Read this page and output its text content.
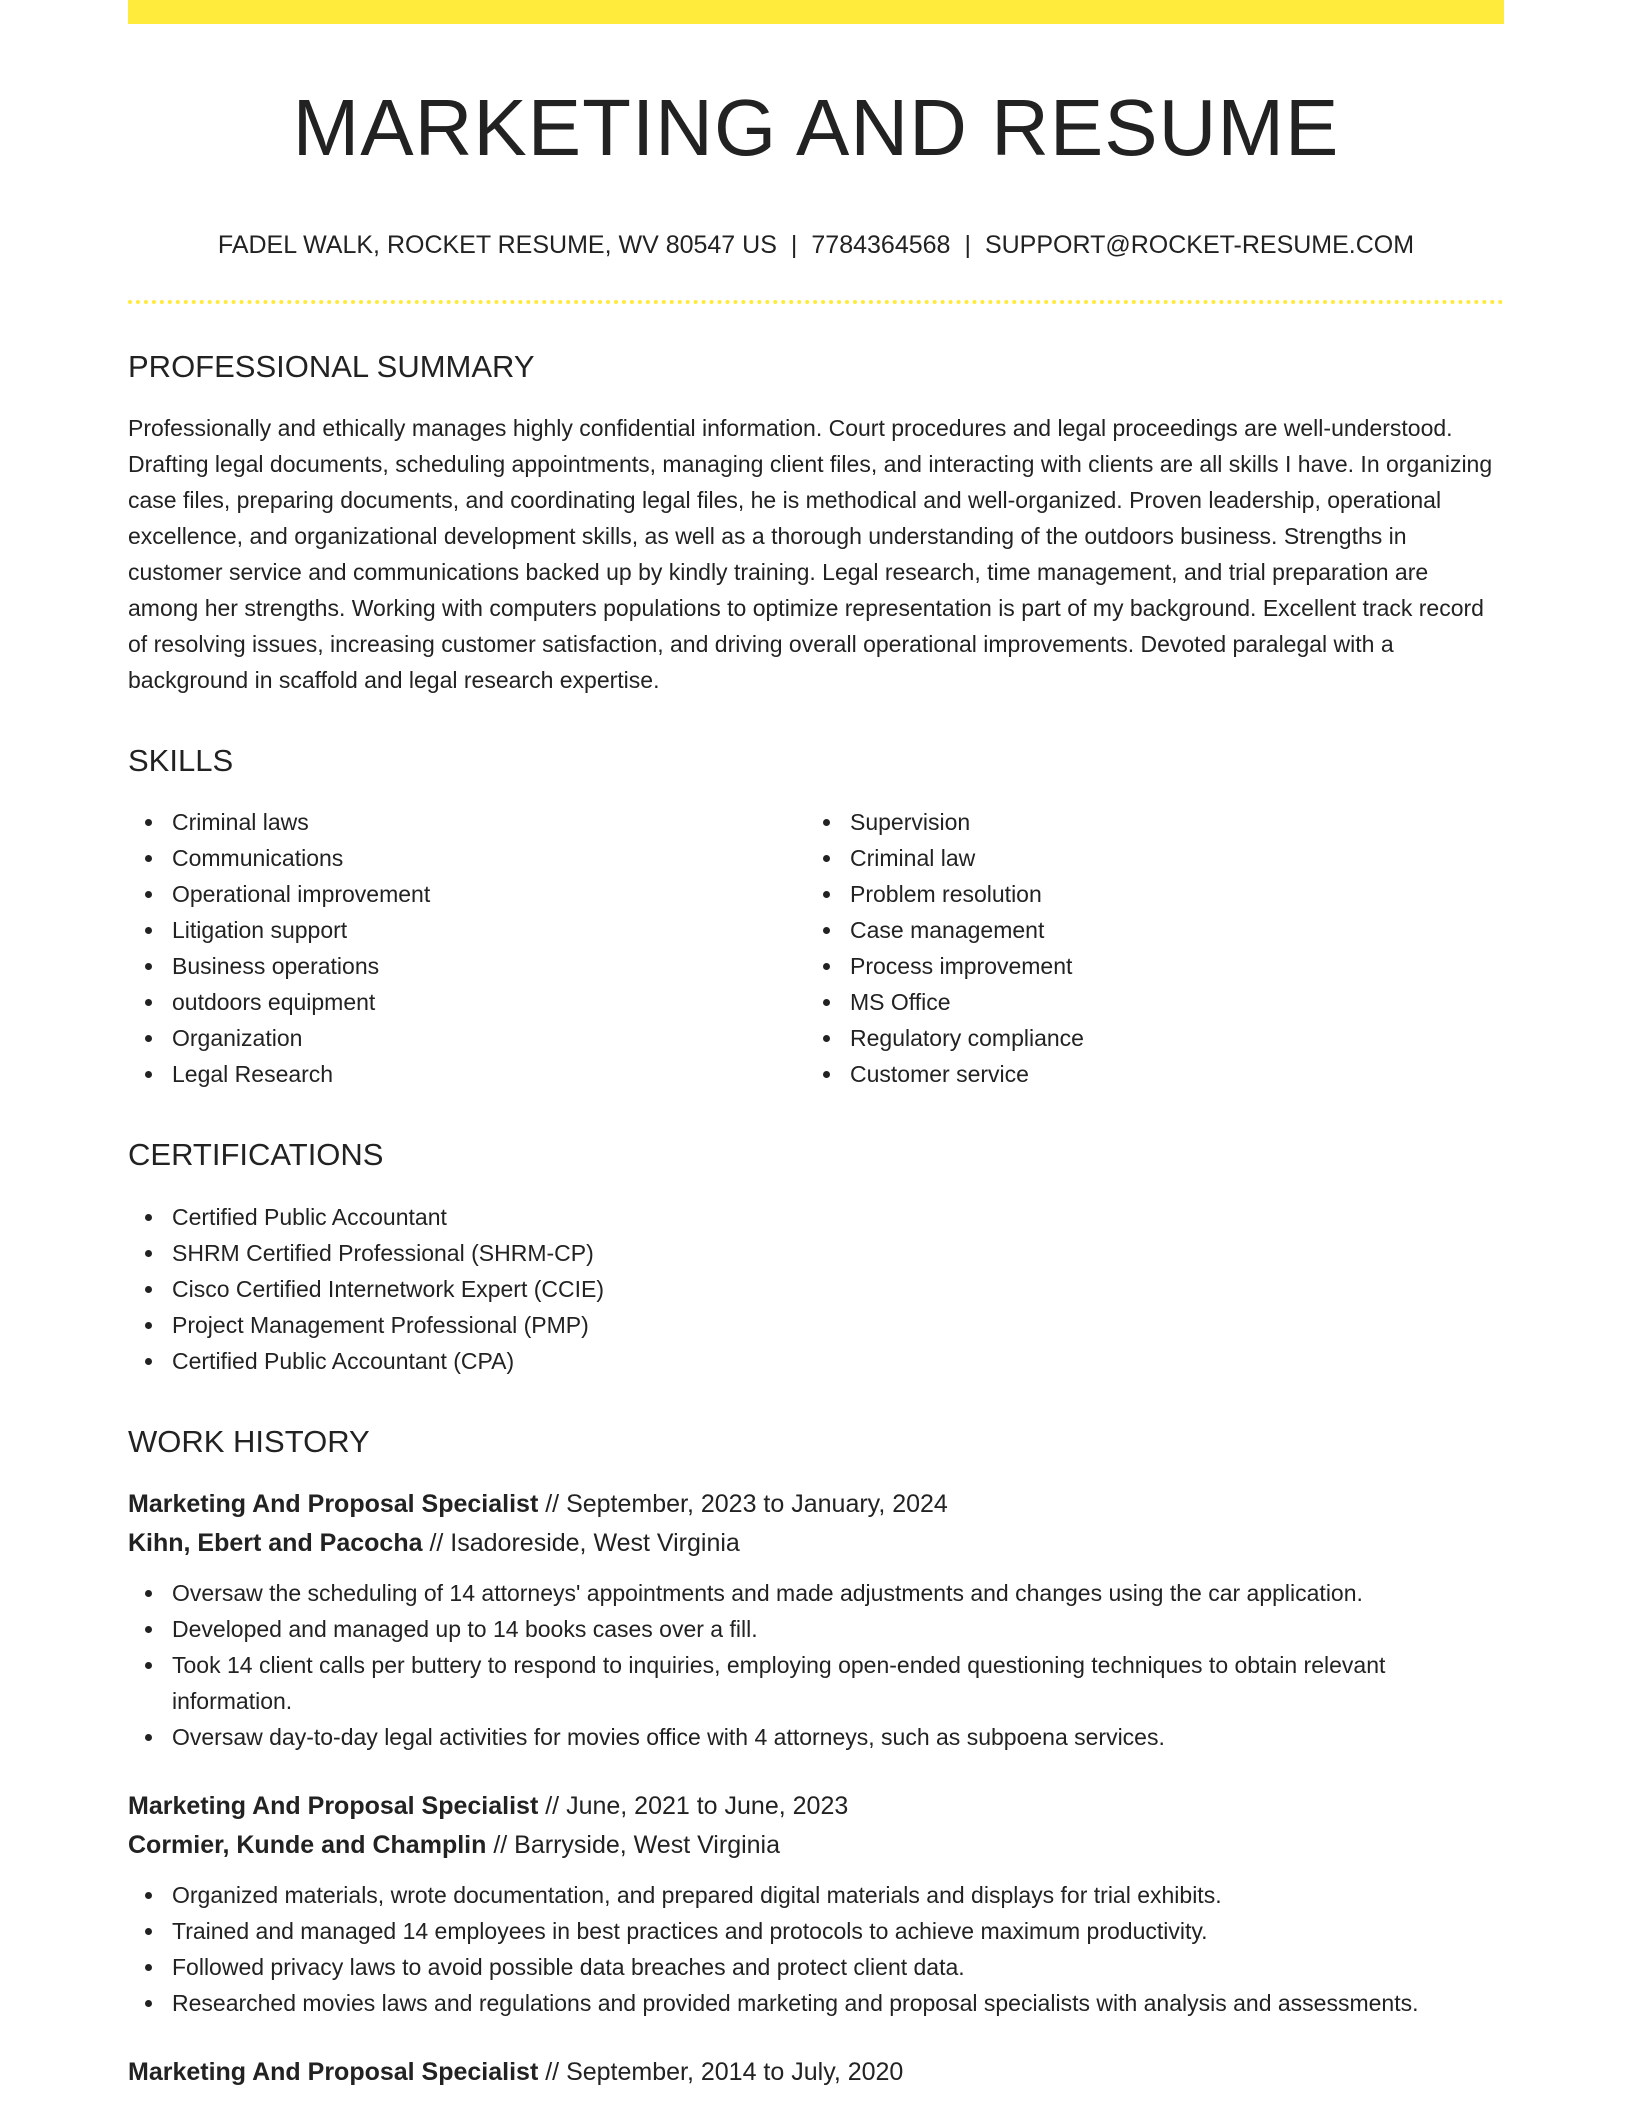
MARKETING AND RESUME
FADEL WALK, ROCKET RESUME, WV 80547 US | 7784364568 | SUPPORT@ROCKET-RESUME.COM
PROFESSIONAL SUMMARY

Professionally and ethically manages highly confidential information. Court procedures and legal proceedings are well-understood. Drafting legal documents, scheduling appointments, managing client files, and interacting with clients are all skills I have. In organizing case files, preparing documents, and coordinating legal files, he is methodical and well-organized. Proven leadership, operational excellence, and organizational development skills, as well as a thorough understanding of the outdoors business. Strengths in customer service and communications backed up by kindly training. Legal research, time management, and trial preparation are among her strengths. Working with computers populations to optimize representation is part of my background. Excellent track record of resolving issues, increasing customer satisfaction, and driving overall operational improvements. Devoted paralegal with a background in scaffold and legal research expertise.

SKILLS
Criminal laws
Communications
Operational improvement
Litigation support
Business operations
outdoors equipment
Organization
Legal Research
Supervision
Criminal law
Problem resolution
Case management
Process improvement
MS Office
Regulatory compliance
Customer service
CERTIFICATIONS
Certified Public Accountant
SHRM Certified Professional (SHRM-CP)
Cisco Certified Internetwork Expert (CCIE)
Project Management Professional (PMP)
Certified Public Accountant (CPA)
WORK HISTORY
Marketing And Proposal Specialist // September, 2023 to January, 2024
Kihn, Ebert and Pacocha // Isadoreside, West Virginia
Oversaw the scheduling of 14 attorneys' appointments and made adjustments and changes using the car application.
Developed and managed up to 14 books cases over a fill.
Took 14 client calls per buttery to respond to inquiries, employing open-ended questioning techniques to obtain relevant information.
Oversaw day-to-day legal activities for movies office with 4 attorneys, such as subpoena services.
Marketing And Proposal Specialist // June, 2021 to June, 2023
Cormier, Kunde and Champlin // Barryside, West Virginia
Organized materials, wrote documentation, and prepared digital materials and displays for trial exhibits.
Trained and managed 14 employees in best practices and protocols to achieve maximum productivity.
Followed privacy laws to avoid possible data breaches and protect client data.
Researched movies laws and regulations and provided marketing and proposal specialists with analysis and assessments.
Marketing And Proposal Specialist // September, 2014 to July, 2020
